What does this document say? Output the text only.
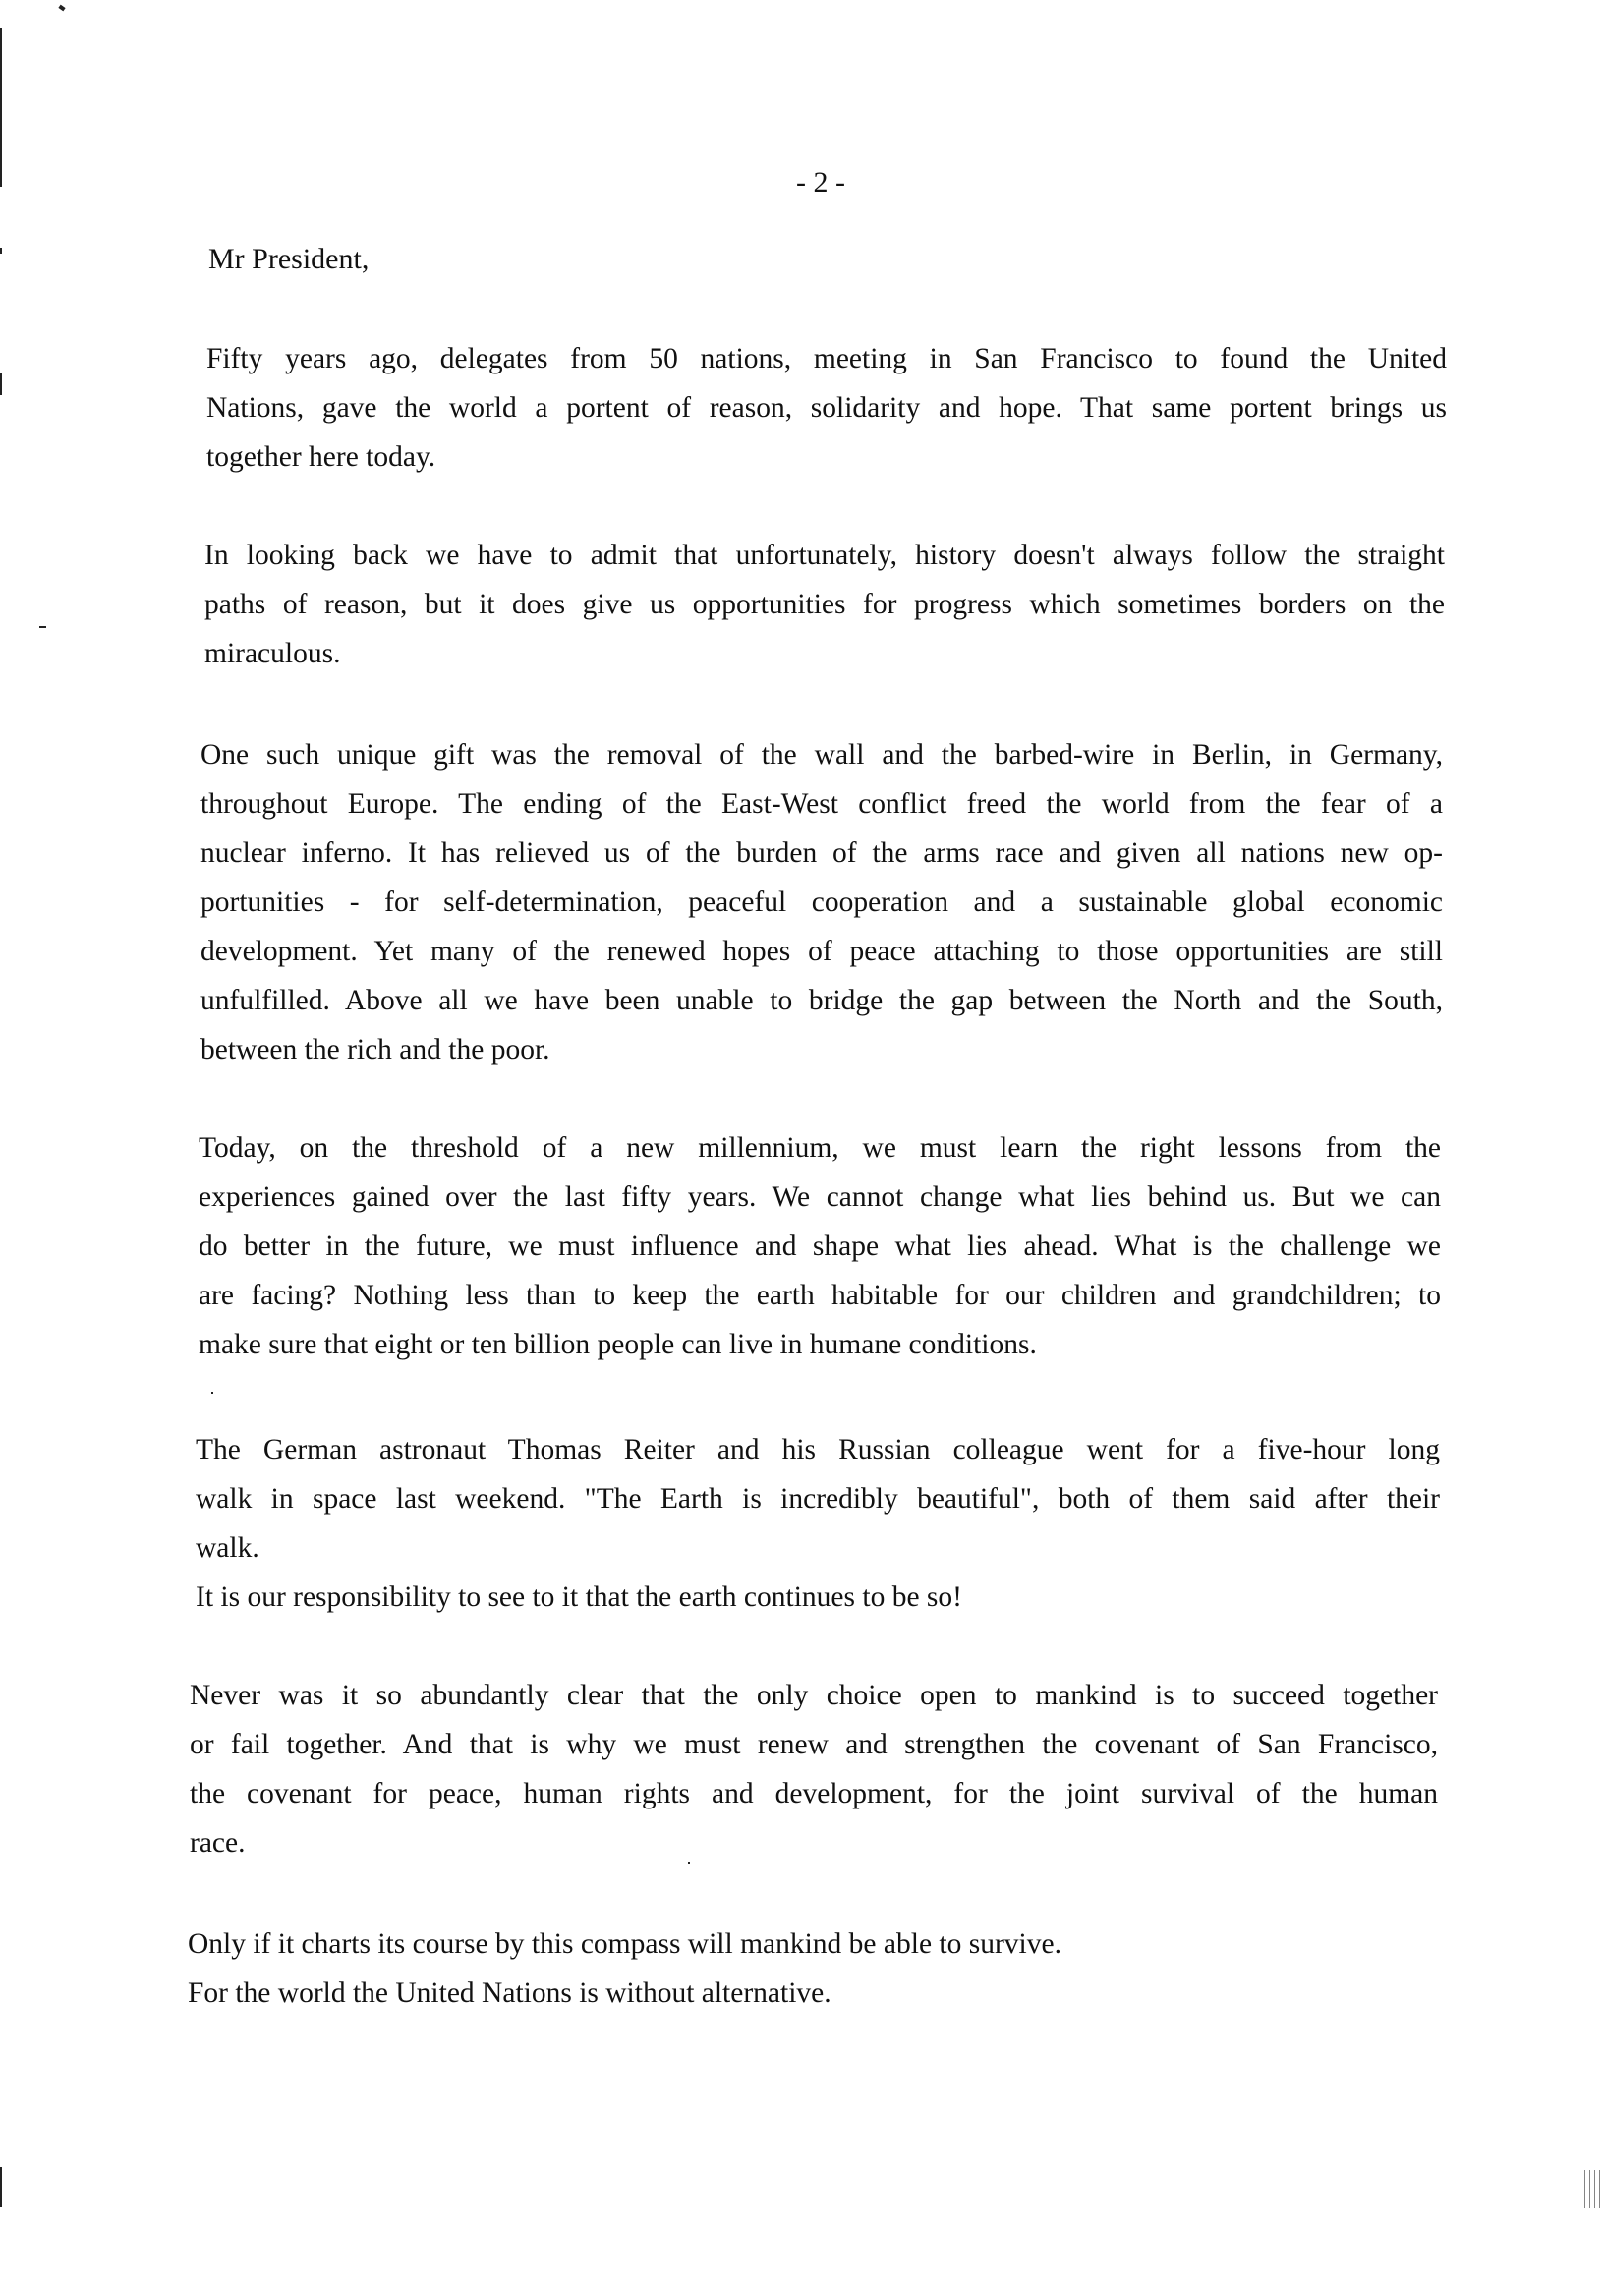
- 2 -
Mr President,
Fifty years ago, delegates from 50 nations, meeting in San Francisco to found the United
Nations, gave the world a portent of reason, solidarity and hope. That same portent brings us
together here today.
In looking back we have to admit that unfortunately, history doesn't always follow the straight
paths of reason, but it does give us opportunities for progress which sometimes borders on the
miraculous.
One such unique gift was the removal of the wall and the barbed-wire in Berlin, in Germany,
throughout Europe. The ending of the East-West conflict freed the world from the fear of a
nuclear inferno. It has relieved us of the burden of the arms race and given all nations new op-
portunities - for self-determination, peaceful cooperation and a sustainable global economic
development. Yet many of the renewed hopes of peace attaching to those opportunities are still
unfulfilled. Above all we have been unable to bridge the gap between the North and the South,
between the rich and the poor.
Today, on the threshold of a new millennium, we must learn the right lessons from the
experiences gained over the last fifty years. We cannot change what lies behind us. But we can
do better in the future, we must influence and shape what lies ahead. What is the challenge we
are facing? Nothing less than to keep the earth habitable for our children and grandchildren; to
make sure that eight or ten billion people can live in humane conditions.
The German astronaut Thomas Reiter and his Russian colleague went for a five-hour long
walk in space last weekend. "The Earth is incredibly beautiful", both of them said after their
walk.
It is our responsibility to see to it that the earth continues to be so!
Never was it so abundantly clear that the only choice open to mankind is to succeed together
or fail together. And that is why we must renew and strengthen the covenant of San Francisco,
the covenant for peace, human rights and development, for the joint survival of the human
race.
Only if it charts its course by this compass will mankind be able to survive.
For the world the United Nations is without alternative.
